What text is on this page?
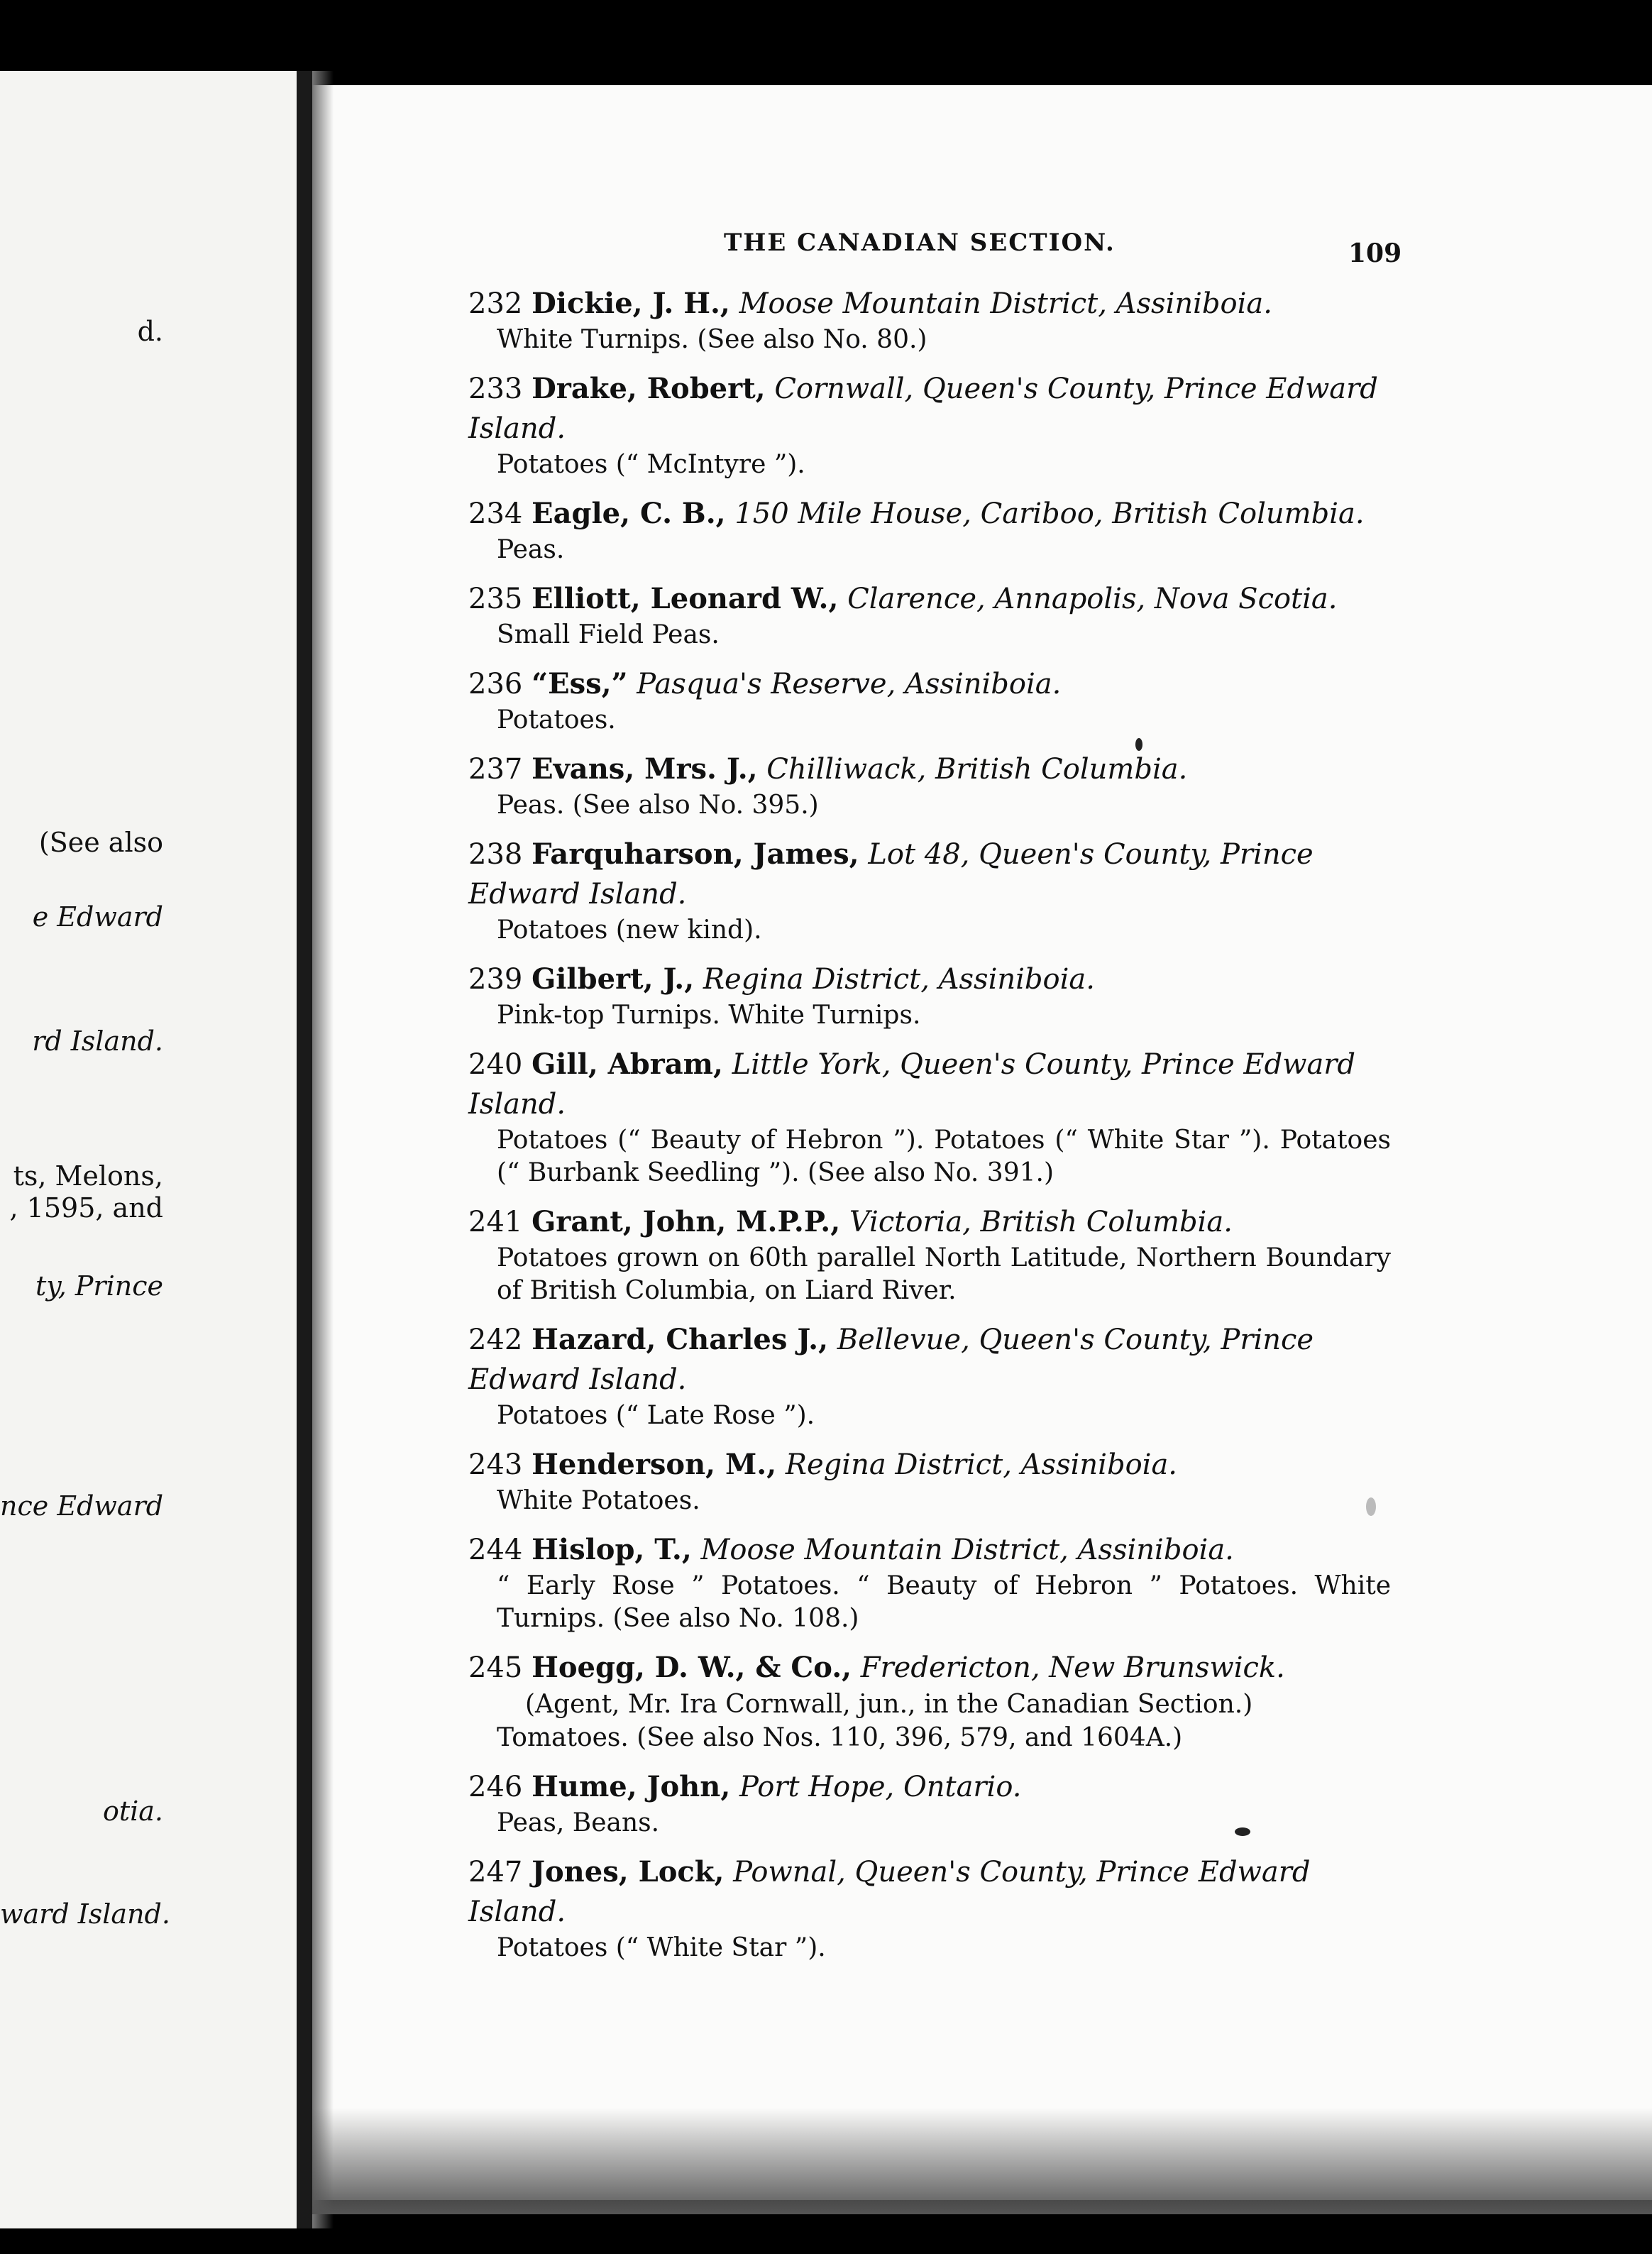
d.
(See also
e Edward
rd Island.
ts, Melons,
, 1595, and
ty, Prince
nce Edward
otia.
ward Island.
THE CANADIAN SECTION.	109
232 Dickie, J. H., Moose Mountain District, Assiniboia.
White Turnips. (See also No. 80.)
233 Drake, Robert, Cornwall, Queen's County, Prince Edward Island.
Potatoes (“ McIntyre ”).
234 Eagle, C. B., 150 Mile House, Cariboo, British Columbia.
Peas.
235 Elliott, Leonard W., Clarence, Annapolis, Nova Scotia.
Small Field Peas.
236 “Ess,” Pasqua's Reserve, Assiniboia.
Potatoes.
237 Evans, Mrs. J., Chilliwack, British Columbia.
Peas. (See also No. 395.)
238 Farquharson, James, Lot 48, Queen's County, Prince Edward Island.
Potatoes (new kind).
239 Gilbert, J., Regina District, Assiniboia.
Pink-top Turnips. White Turnips.
240 Gill, Abram, Little York, Queen's County, Prince Edward Island.
Potatoes (“ Beauty of Hebron ”). Potatoes (“ White Star ”). Potatoes (“ Burbank Seedling ”). (See also No. 391.)
241 Grant, John, M.P.P., Victoria, British Columbia.
Potatoes grown on 60th parallel North Latitude, Northern Boundary of British Columbia, on Liard River.
242 Hazard, Charles J., Bellevue, Queen's County, Prince Edward Island.
Potatoes (“ Late Rose ”).
243 Henderson, M., Regina District, Assiniboia.
White Potatoes.
244 Hislop, T., Moose Mountain District, Assiniboia.
“ Early Rose ” Potatoes. “ Beauty of Hebron ” Potatoes. White Turnips. (See also No. 108.)
245 Hoegg, D. W., & Co., Fredericton, New Brunswick.
(Agent, Mr. Ira Cornwall, jun., in the Canadian Section.)
Tomatoes. (See also Nos. 110, 396, 579, and 1604A.)
246 Hume, John, Port Hope, Ontario.
Peas, Beans.
247 Jones, Lock, Pownal, Queen's County, Prince Edward Island.
Potatoes (“ White Star ”).
